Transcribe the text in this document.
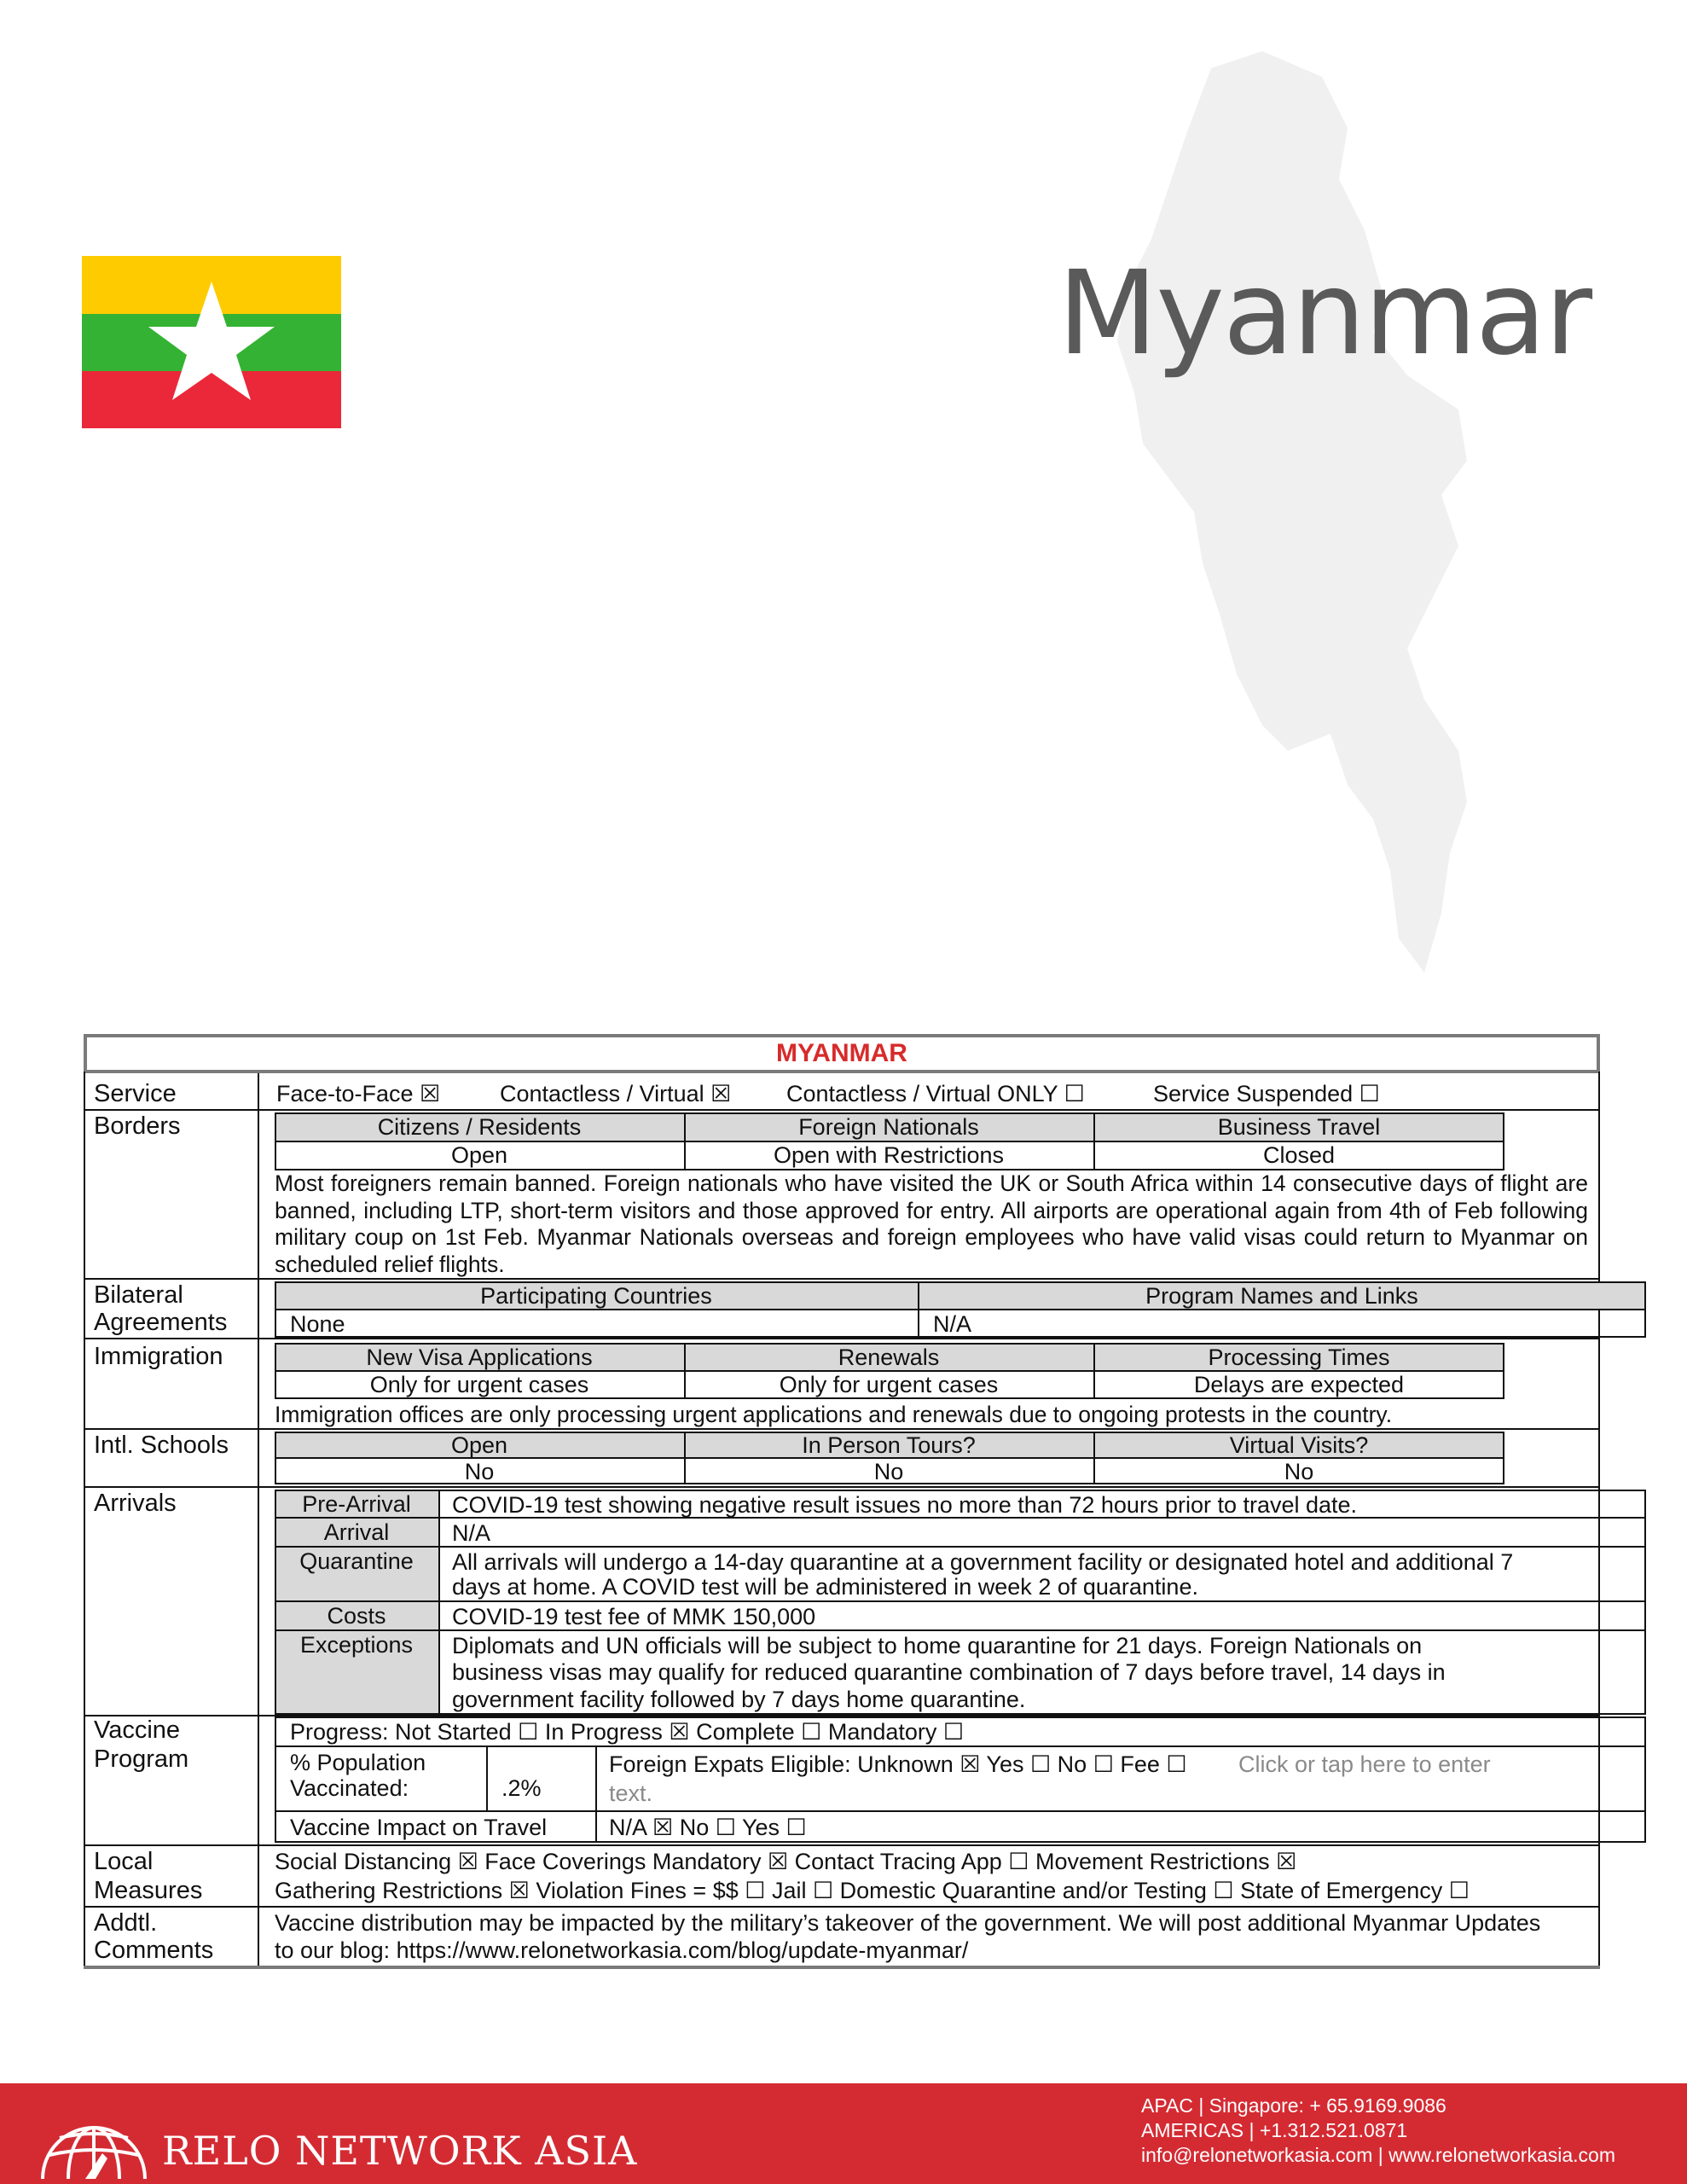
Myanmar
MYANMAR
Service	Face-to-Face ☒	Contactless / Virtual ☒ Contactless / Virtual ONLY ☐	Service Suspended ☐
Borders	Citizens / Residents	Foreign Nationals	Business Travel
Open	Open with Restrictions	Closed
Most foreigners remain banned. Foreign nationals who have visited the UK or South Africa within 14 consecutive days of flight are banned, including LTP, short-term visitors and those approved for entry. All airports are operational again from 4th of Feb following military coup on 1st Feb. Myanmar Nationals overseas and foreign employees who have valid visas could return to Myanmar on scheduled relief flights.
Bilateral
Agreements
Participating Countries	Program Names and Links
None	N/A
Immigration	New Visa Applications	Renewals	Processing Times
Only for urgent cases	Only for urgent cases	Delays are expected
Immigration offices are only processing urgent applications and renewals due to ongoing protests in the country.
Intl. Schools	Open	In Person Tours?	Virtual Visits?
No	No	No
Arrivals	Pre-Arrival	COVID-19 test showing negative result issues no more than 72 hours prior to travel date.
Arrival	N/A
Quarantine	All arrivals will undergo a 14-day quarantine at a government facility or designated hotel and additional 7
days at home. A COVID test will be administered in week 2 of quarantine.
Costs	COVID-19 test fee of MMK 150,000
Exceptions	Diplomats and UN officials will be subject to home quarantine for 21 days. Foreign Nationals on
business visas may qualify for reduced quarantine combination of 7 days before travel, 14 days in
government facility followed by 7 days home quarantine.
Vaccine
Program
Progress: Not Started ☐ In Progress ☒ Complete ☐ Mandatory ☐
% Population
Vaccinated:	.2%
Foreign Expats Eligible: Unknown ☒ Yes ☐ No ☐ Fee ☐ Click or tap here to enter
text.
Vaccine Impact on Travel	N/A ☒ No ☐ Yes ☐
Local
Measures
Social Distancing ☒ Face Coverings Mandatory ☒ Contact Tracing App ☐ Movement Restrictions ☒
Gathering Restrictions ☒ Violation Fines = $$ ☐ Jail ☐ Domestic Quarantine and/or Testing ☐ State of Emergency ☐
Addtl.
Comments
Vaccine distribution may be impacted by the military’s takeover of the government. We will post additional Myanmar Updates
to our blog: https://www.relonetworkasia.com/blog/update-myanmar/
RELO NETWORK ASIA
APAC | Singapore: + 65.9169.9086
AMERICAS | +1.312.521.0871
info@relonetworkasia.com | www.relonetworkasia.com
